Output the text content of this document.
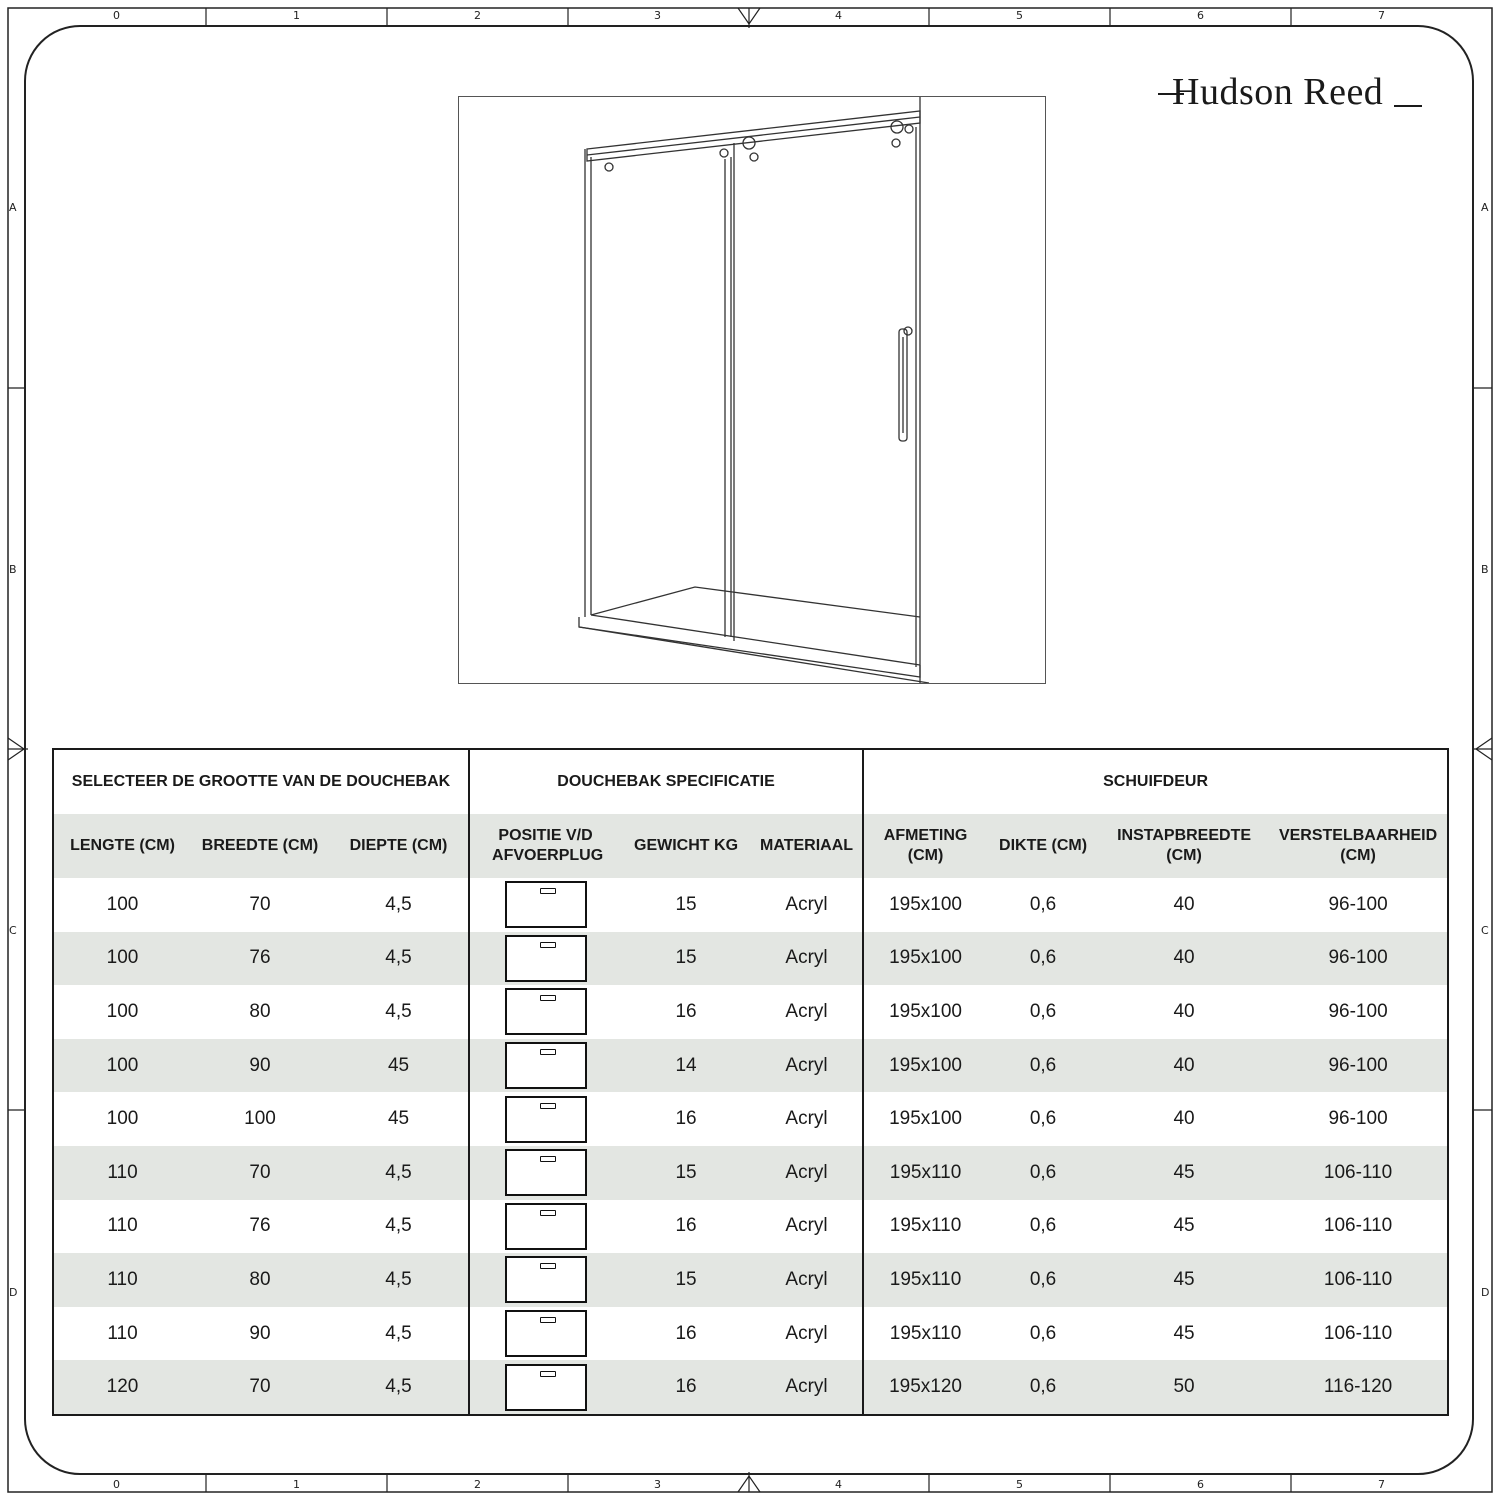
0	1	2	3	4	5	6	7
0	1	2	3	4	5	6	7
A
B
C
D
A
B
C
D
Hudson Reed
SELECTEER DE GROOTTE VAN DE DOUCHEBAK			DOUCHEBAK SPECIFICATIE			SCHUIFDEUR			
LENGTE (CM)	BREEDTE (CM)	DIEPTE (CM)	POSITIE V/D AFVOERPLUG	GEWICHT KG	MATERIAAL	AFMETING (CM)	DIKTE (CM)	INSTAPBREEDTE (CM)	VERSTELBAARHEID (CM)
100	70	4,5		15	Acryl	195x100	0,6	40	96-100
100	76	4,5		15	Acryl	195x100	0,6	40	96-100
100	80	4,5		16	Acryl	195x100	0,6	40	96-100
100	90	45		14	Acryl	195x100	0,6	40	96-100
100	100	45		16	Acryl	195x100	0,6	40	96-100
110	70	4,5		15	Acryl	195x110	0,6	45	106-110
110	76	4,5		16	Acryl	195x110	0,6	45	106-110
110	80	4,5		15	Acryl	195x110	0,6	45	106-110
110	90	4,5		16	Acryl	195x110	0,6	45	106-110
120	70	4,5		16	Acryl	195x120	0,6	50	116-120
